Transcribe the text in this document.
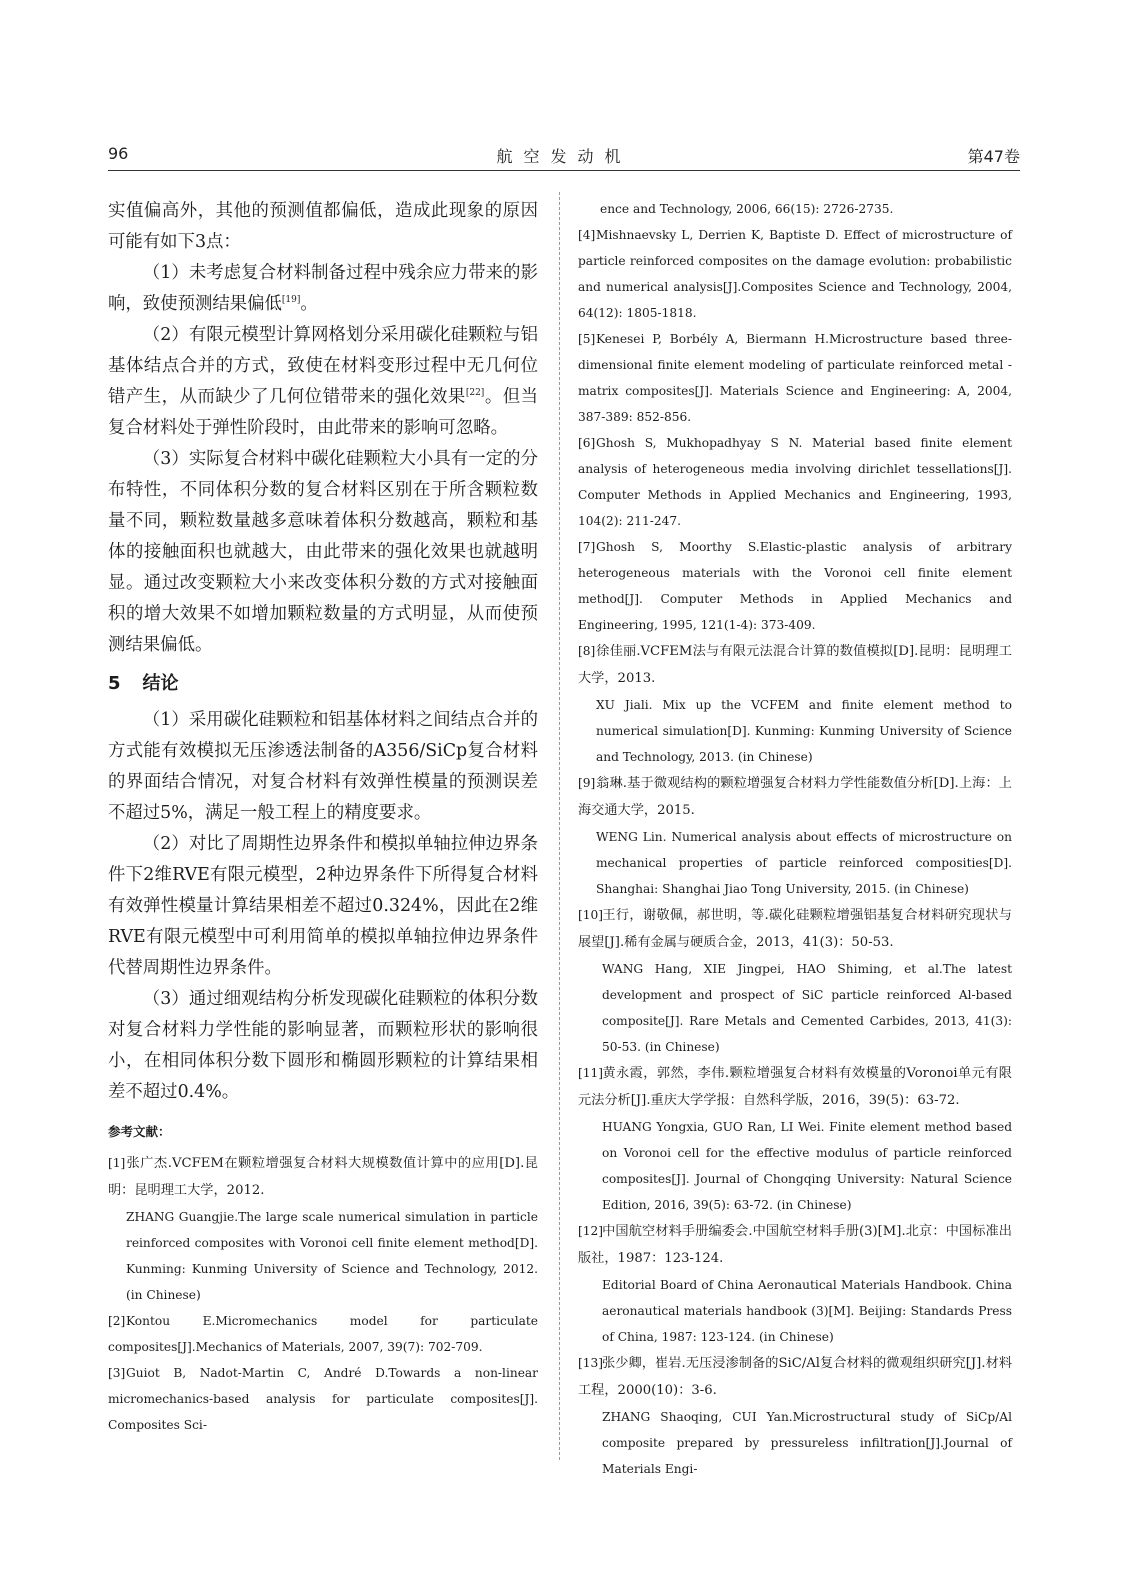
96	航空发动机	第47卷

实值偏高外，其他的预测值都偏低，造成此现象的原因可能有如下3点：

（1）未考虑复合材料制备过程中残余应力带来的影响，致使预测结果偏低[19]。

（2）有限元模型计算网格划分采用碳化硅颗粒与铝基体结点合并的方式，致使在材料变形过程中无几何位错产生，从而缺少了几何位错带来的强化效果[22]。但当复合材料处于弹性阶段时，由此带来的影响可忽略。

（3）实际复合材料中碳化硅颗粒大小具有一定的分布特性，不同体积分数的复合材料区别在于所含颗粒数量不同，颗粒数量越多意味着体积分数越高，颗粒和基体的接触面积也就越大，由此带来的强化效果也就越明显。通过改变颗粒大小来改变体积分数的方式对接触面积的增大效果不如增加颗粒数量的方式明显，从而使预测结果偏低。

5 结论

（1）采用碳化硅颗粒和铝基体材料之间结点合并的方式能有效模拟无压渗透法制备的A356/SiCp复合材料的界面结合情况，对复合材料有效弹性模量的预测误差不超过5%，满足一般工程上的精度要求。

（2）对比了周期性边界条件和模拟单轴拉伸边界条件下2维RVE有限元模型，2种边界条件下所得复合材料有效弹性模量计算结果相差不超过0.324%，因此在2维RVE有限元模型中可利用简单的模拟单轴拉伸边界条件代替周期性边界条件。

（3）通过细观结构分析发现碳化硅颗粒的体积分数对复合材料力学性能的影响显著，而颗粒形状的影响很小，在相同体积分数下圆形和椭圆形颗粒的计算结果相差不超过0.4%。

参考文献：
[1]张广杰.VCFEM在颗粒增强复合材料大规模数值计算中的应用[D].昆明：昆明理工大学，2012.
ZHANG Guangjie.The large scale numerical simulation in particle reinforced composites with Voronoi cell finite element method[D]. Kunming: Kunming University of Science and Technology, 2012. (in Chinese)
[2]Kontou E.Micromechanics model for particulate composites[J].Mechanics of Materials, 2007, 39(7): 702-709.
[3]Guiot B, Nadot-Martin C, André D.Towards a non-linear micromechanics-based analysis for particulate composites[J]. Composites Sci-
ence and Technology, 2006, 66(15): 2726-2735.
[4]Mishnaevsky L, Derrien K, Baptiste D. Effect of microstructure of particle reinforced composites on the damage evolution: probabilistic and numerical analysis[J].Composites Science and Technology, 2004, 64(12): 1805-1818.
[5]Kenesei P, Borbély A, Biermann H.Microstructure based three-dimensional finite element modeling of particulate reinforced metal - matrix composites[J]. Materials Science and Engineering: A, 2004, 387-389: 852-856.
[6]Ghosh S, Mukhopadhyay S N. Material based finite element analysis of heterogeneous media involving dirichlet tessellations[J]. Computer Methods in Applied Mechanics and Engineering, 1993, 104(2): 211-247.
[7]Ghosh S, Moorthy S.Elastic-plastic analysis of arbitrary heterogeneous materials with the Voronoi cell finite element method[J]. Computer Methods in Applied Mechanics and Engineering, 1995, 121(1-4): 373-409.
[8]徐佳丽.VCFEM法与有限元法混合计算的数值模拟[D].昆明：昆明理工大学，2013.
XU Jiali. Mix up the VCFEM and finite element method to numerical simulation[D]. Kunming: Kunming University of Science and Technology, 2013. (in Chinese)
[9]翁琳.基于微观结构的颗粒增强复合材料力学性能数值分析[D].上海：上海交通大学，2015.
WENG Lin. Numerical analysis about effects of microstructure on mechanical properties of particle reinforced composities[D]. Shanghai: Shanghai Jiao Tong University, 2015. (in Chinese)
[10]王行，谢敬佩，郝世明，等.碳化硅颗粒增强铝基复合材料研究现状与展望[J].稀有金属与硬质合金，2013，41(3)：50-53.
WANG Hang, XIE Jingpei, HAO Shiming, et al.The latest development and prospect of SiC particle reinforced Al-based composite[J]. Rare Metals and Cemented Carbides, 2013, 41(3): 50-53. (in Chinese)
[11]黄永霞，郭然，李伟.颗粒增强复合材料有效模量的Voronoi单元有限元法分析[J].重庆大学学报：自然科学版，2016，39(5)：63-72.
HUANG Yongxia, GUO Ran, LI Wei. Finite element method based on Voronoi cell for the effective modulus of particle reinforced composites[J]. Journal of Chongqing University: Natural Science Edition, 2016, 39(5): 63-72. (in Chinese)
[12]中国航空材料手册编委会.中国航空材料手册(3)[M].北京：中国标准出版社，1987：123-124.
Editorial Board of China Aeronautical Materials Handbook. China aeronautical materials handbook (3)[M]. Beijing: Standards Press of China, 1987: 123-124. (in Chinese)
[13]张少卿，崔岩.无压浸渗制备的SiC/Al复合材料的微观组织研究[J].材料工程，2000(10)：3-6.
ZHANG Shaoqing, CUI Yan.Microstructural study of SiCp/Al composite prepared by pressureless infiltration[J].Journal of Materials Engi-
